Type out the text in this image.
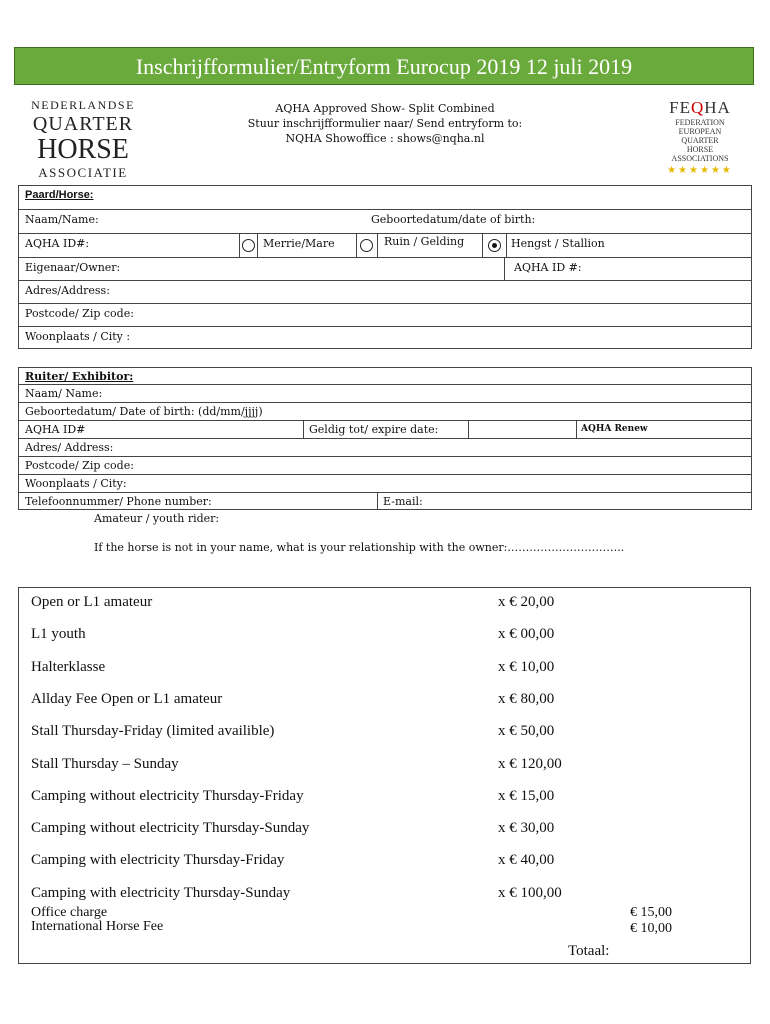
Inschrijfformulier/Entryform Eurocup 2019 12 juli 2019
NEDERLANDSE
QUARTER
HORSE
ASSOCIATIE
AQHA Approved Show- Split Combined
Stuur inschrijfformulier naar/ Send entryform to:
NQHA Showoffice : shows@nqha.nl
FEQHA
FEDERATION
EUROPEAN
QUARTER
HORSE
ASSOCIATIONS
★★★★★★
Paard/Horse:
Naam/Name:	Geboortedatum/date of birth:
AQHA ID#:	Merrie/Mare	Ruin / Gelding	Hengst / Stallion
Eigenaar/Owner:	AQHA ID #:
Adres/Address:
Postcode/ Zip code:
Woonplaats / City :
Ruiter/ Exhibitor:
Naam/ Name:
Geboortedatum/ Date of birth: (dd/mm/jjjj)
AQHA ID#	Geldig tot/ expire date:	AQHA Renew
Adres/ Address:
Postcode/ Zip code:
Woonplaats / City:
Telefoonnummer/ Phone number:	E-mail:
Amateur / youth rider:
If the horse is not in your name, what is your relationship with the owner:…………………………..
Open or L1 amateur	x € 20,00
L1 youth	x € 00,00
Halterklasse	x € 10,00
Allday Fee Open or L1 amateur	x € 80,00
Stall Thursday-Friday (limited availible)	x € 50,00
Stall Thursday – Sunday	x € 120,00
Camping without electricity Thursday-Friday	x € 15,00
Camping without electricity Thursday-Sunday	x € 30,00
Camping with electricity Thursday-Friday	x € 40,00
Camping with electricity Thursday-Sunday	x € 100,00
Office charge	€ 15,00
International Horse Fee	€ 10,00
Totaal:
